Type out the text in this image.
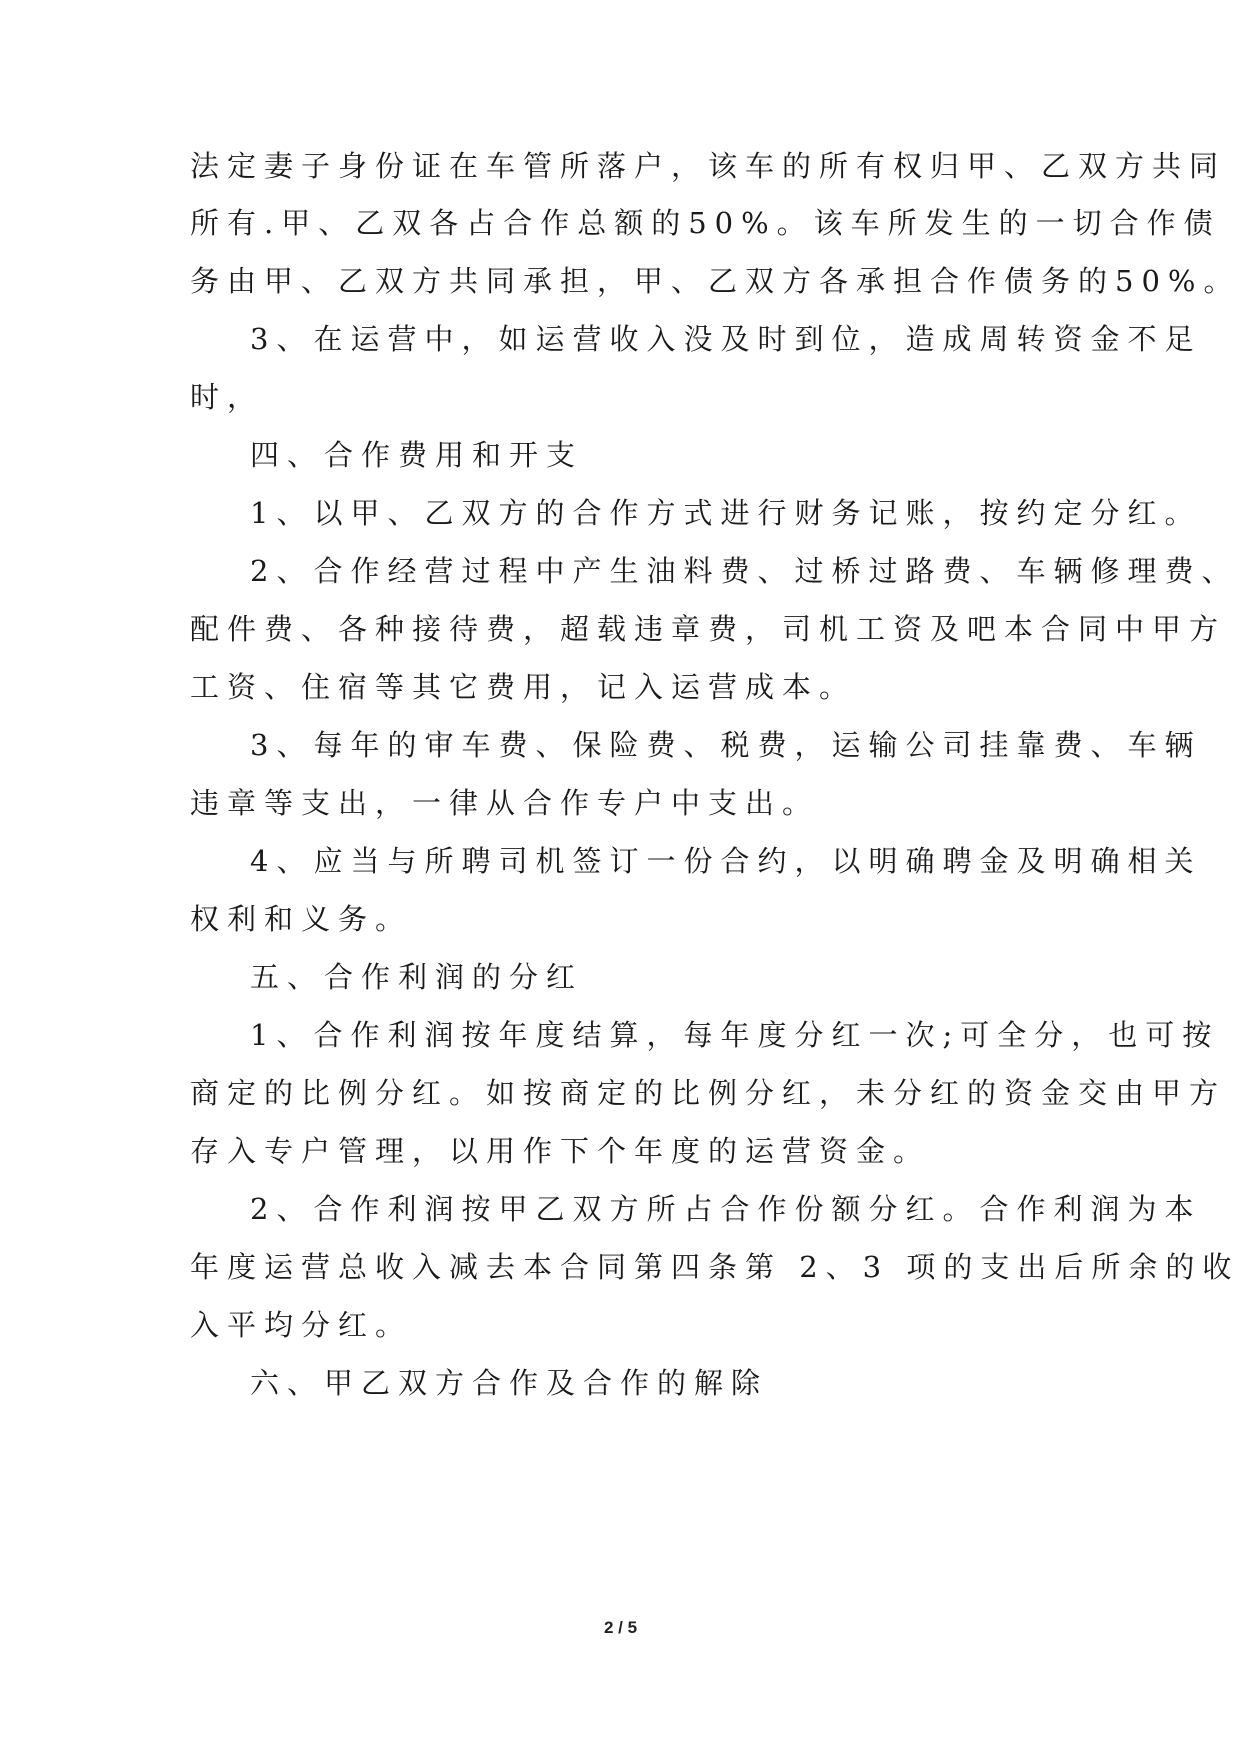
法定妻子身份证在车管所落户，该车的所有权归甲、乙双方共同
所有.甲、乙双各占合作总额的50%。该车所发生的一切合作债
务由甲、乙双方共同承担，甲、乙双方各承担合作债务的50%。
3、在运营中，如运营收入没及时到位，造成周转资金不足
时，
四、合作费用和开支
1、以甲、乙双方的合作方式进行财务记账，按约定分红。
2、合作经营过程中产生油料费、过桥过路费、车辆修理费、
配件费、各种接待费，超载违章费，司机工资及吧本合同中甲方
工资、住宿等其它费用，记入运营成本。
3、每年的审车费、保险费、税费，运输公司挂靠费、车辆
违章等支出，一律从合作专户中支出。
4、应当与所聘司机签订一份合约，以明确聘金及明确相关
权利和义务。
五、合作利润的分红
1、合作利润按年度结算，每年度分红一次;可全分，也可按
商定的比例分红。如按商定的比例分红，未分红的资金交由甲方
存入专户管理，以用作下个年度的运营资金。
2、合作利润按甲乙双方所占合作份额分红。合作利润为本
年度运营总收入减去本合同第四条第 2、3 项的支出后所余的收
入平均分红。
六、甲乙双方合作及合作的解除
2 / 5
